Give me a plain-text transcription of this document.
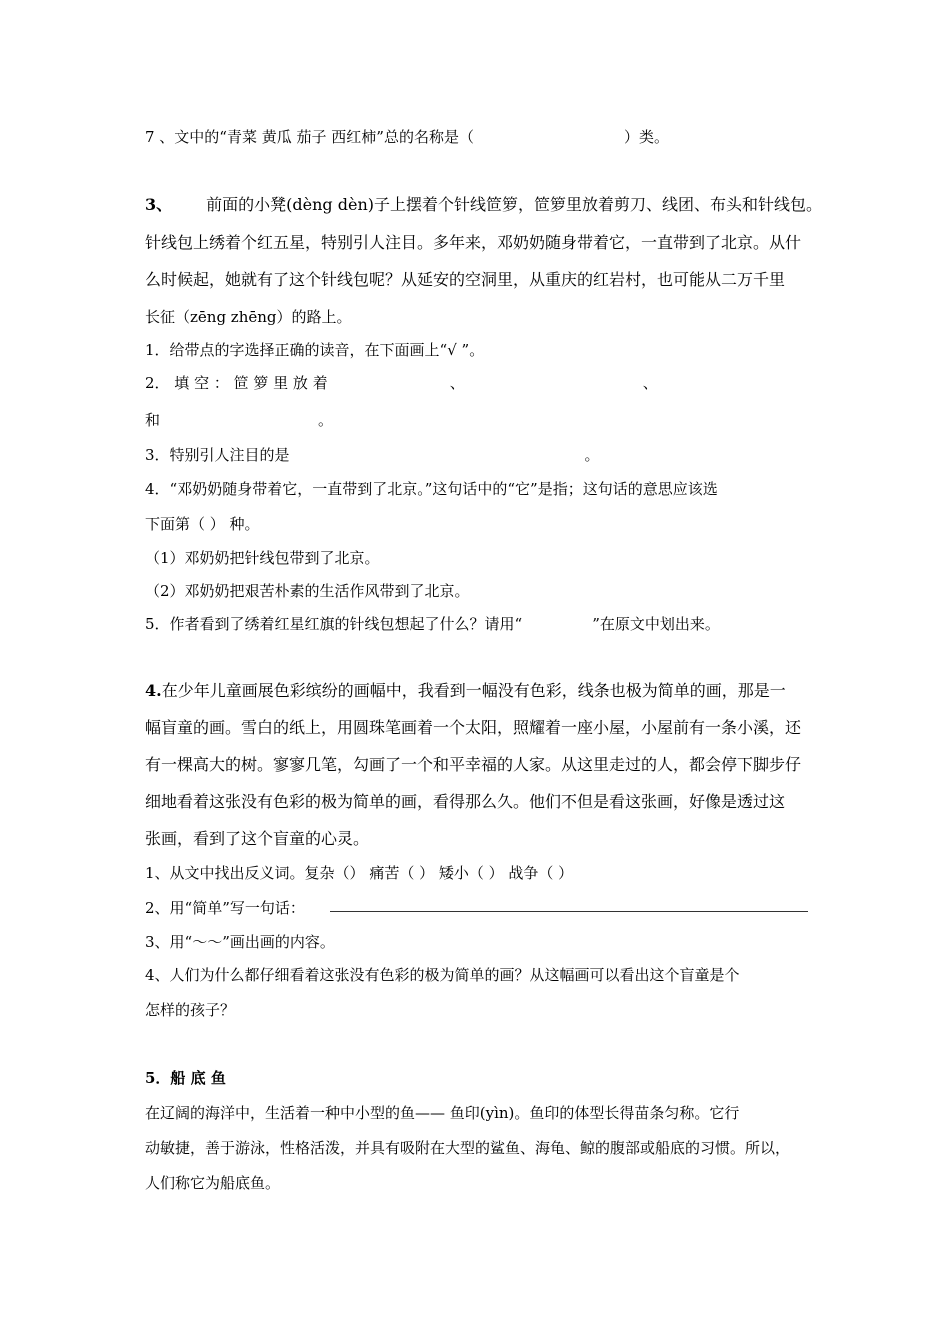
7 、文中的“青菜 黄瓜 茄子 西红柿”总的名称是（	）类。
3、 前面的小凳(dèng dèn)子上摆着个针线笸箩，笸箩里放着剪刀、线团、布头和针线包。
针线包上绣着个红五星，特别引人注目。多年来，邓奶奶随身带着它，一直带到了北京。从什
么时候起，她就有了这个针线包呢？从延安的空洞里，从重庆的红岩村，也可能从二万千里
长征（zēng zhēng）的路上。
1．给带点的字选择正确的读音，在下面画上“√ ”。
2． 填 空 ： 笸 箩 里 放 着	、	、
和	。
3．特别引人注目的是	。
4．“邓奶奶随身带着它，一直带到了北京。”这句话中的“它”是指；这句话的意思应该选
下面第（ ） 种。
（1）邓奶奶把针线包带到了北京。
（2）邓奶奶把艰苦朴素的生活作风带到了北京。
5．作者看到了绣着红星红旗的针线包想起了什么？请用“	”在原文中划出来。
4.在少年儿童画展色彩缤纷的画幅中，我看到一幅没有色彩，线条也极为简单的画，那是一
幅盲童的画。雪白的纸上，用圆珠笔画着一个太阳，照耀着一座小屋，小屋前有一条小溪，还
有一棵高大的树。寥寥几笔，勾画了一个和平幸福的人家。从这里走过的人，都会停下脚步仔
细地看着这张没有色彩的极为简单的画，看得那么久。他们不但是看这张画，好像是透过这
张画，看到了这个盲童的心灵。
1、从文中找出反义词。复杂（） 痛苦（ ） 矮小（ ） 战争（ ）
2、用“简单”写一句话：
3、用“～～”画出画的内容。
4、人们为什么都仔细看着这张没有色彩的极为简单的画？从这幅画可以看出这个盲童是个
怎样的孩子？
5．船 底 鱼
在辽阔的海洋中，生活着一种中小型的鱼—— 鱼印(yìn)。鱼印的体型长得苗条匀称。它行
动敏捷，善于游泳，性格活泼，并具有吸附在大型的鲨鱼、海龟、鲸的腹部或船底的习惯。所以，
人们称它为船底鱼。
